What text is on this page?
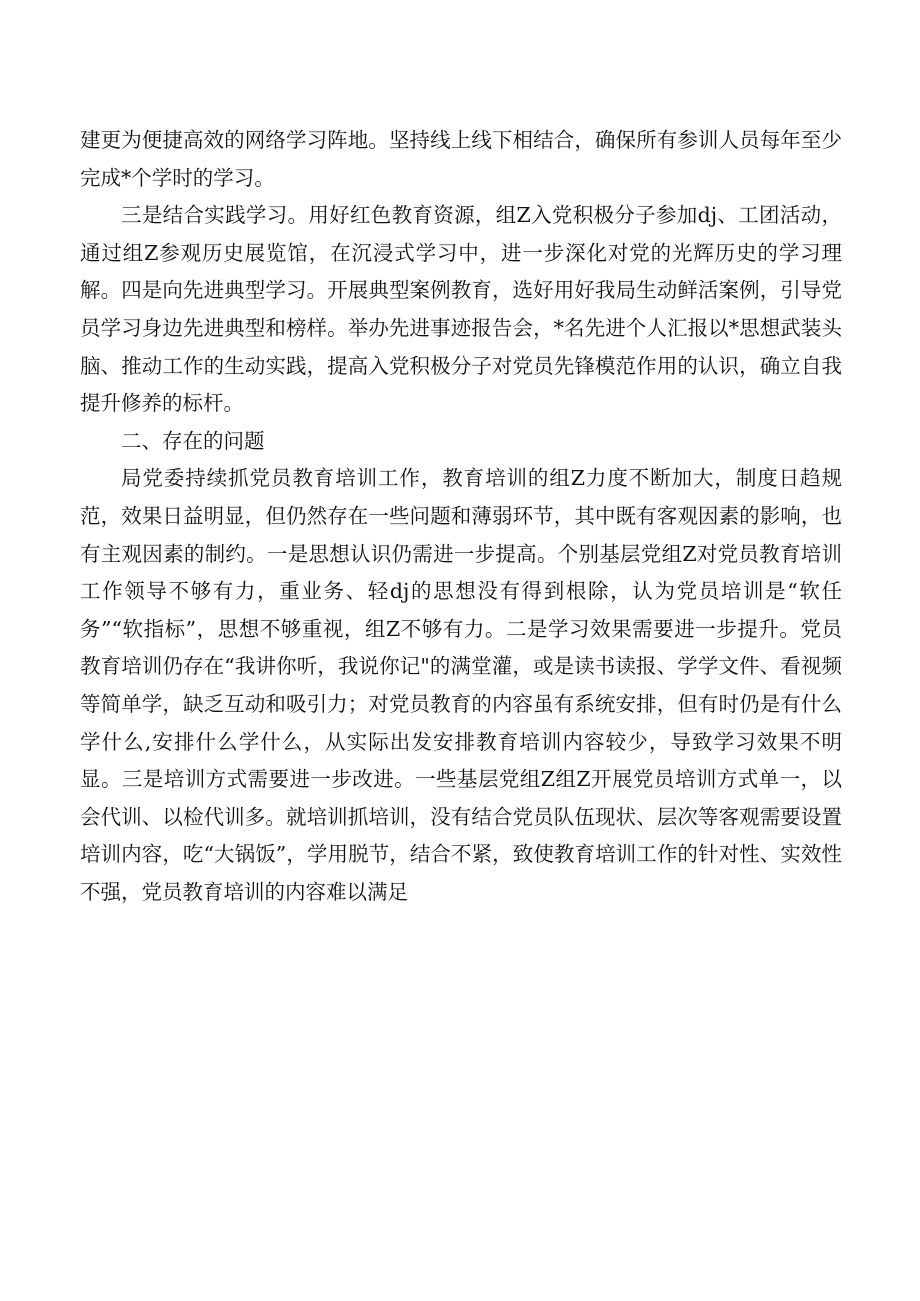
建更为便捷高效的网络学习阵地。坚持线上线下相结合，确保所有参训人员每年至少完成*个学时的学习。

三是结合实践学习。用好红色教育资源，组Z入党积极分子参加dj、工团活动，通过组Z参观历史展览馆，在沉浸式学习中，进一步深化对党的光辉历史的学习理解。四是向先进典型学习。开展典型案例教育，选好用好我局生动鲜活案例，引导党员学习身边先进典型和榜样。举办先进事迹报告会，*名先进个人汇报以*思想武装头脑、推动工作的生动实践，提高入党积极分子对党员先锋模范作用的认识，确立自我提升修养的标杆。

二、存在的问题

局党委持续抓党员教育培训工作，教育培训的组Z力度不断加大，制度日趋规范，效果日益明显，但仍然存在一些问题和薄弱环节，其中既有客观因素的影响，也有主观因素的制约。一是思想认识仍需进一步提高。个别基层党组Z对党员教育培训工作领导不够有力，重业务、轻dj的思想没有得到根除，认为党员培训是“软任务”“软指标”，思想不够重视，组Z不够有力。二是学习效果需要进一步提升。党员教育培训仍存在“我讲你听，我说你记"的满堂灌，或是读书读报、学学文件、看视频等简单学，缺乏互动和吸引力；对党员教育的内容虽有系统安排，但有时仍是有什么学什么,安排什么学什么，从实际出发安排教育培训内容较少，导致学习效果不明显。三是培训方式需要进一步改进。一些基层党组Z组Z开展党员培训方式单一，以会代训、以检代训多。就培训抓培训，没有结合党员队伍现状、层次等客观需要设置培训内容，吃“大锅饭”，学用脱节，结合不紧，致使教育培训工作的针对性、实效性不强，党员教育培训的内容难以满足
